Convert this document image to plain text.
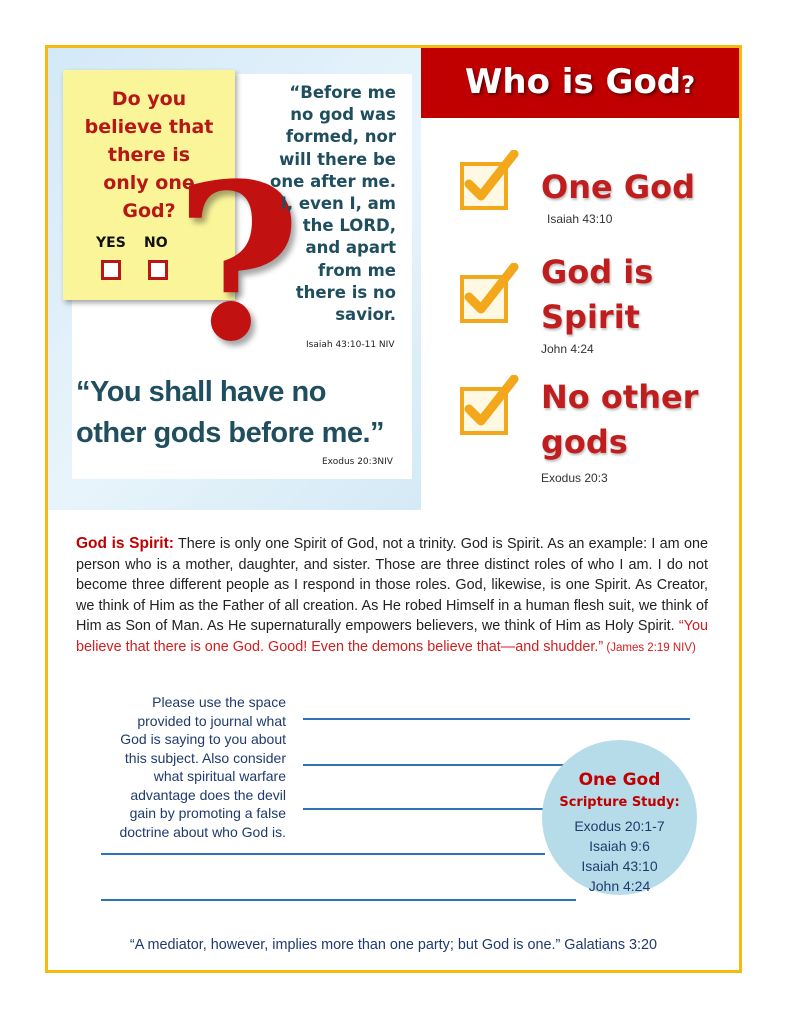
Do you
believe that
there is
only one
God?
YES NO ?
“Before me
no god was
formed, nor
will there be
one after me.
I, even I, am
the LORD,
and apart
from me
there is no
savior.
Isaiah 43:10-11 NIV
“You shall have no
other gods before me.”
Exodus 20:3NIV
Who is God?
One God
Isaiah 43:10
God is
Spirit
John 4:24
No other
gods
Exodus 20:3
God is Spirit: There is only one Spirit of God, not a trinity. God is Spirit. As an example: I am one person who is a mother, daughter, and sister. Those are three distinct roles of who I am. I do not become three different people as I respond in those roles. God, likewise, is one Spirit. As Creator, we think of Him as the Father of all creation. As He robed Himself in a human flesh suit, we think of Him as Son of Man. As He supernaturally empowers believers, we think of Him as Holy Spirit. “You believe that there is one God. Good! Even the demons believe that—and shudder.” (James 2:19 NIV)
Please use the space
provided to journal what
God is saying to you about
this subject. Also consider
what spiritual warfare
advantage does the devil
gain by promoting a false
doctrine about who God is.
One God
Scripture Study:
Exodus 20:1-7
Isaiah 9:6
Isaiah 43:10
John 4:24
“A mediator, however, implies more than one party; but God is one.” Galatians 3:20
